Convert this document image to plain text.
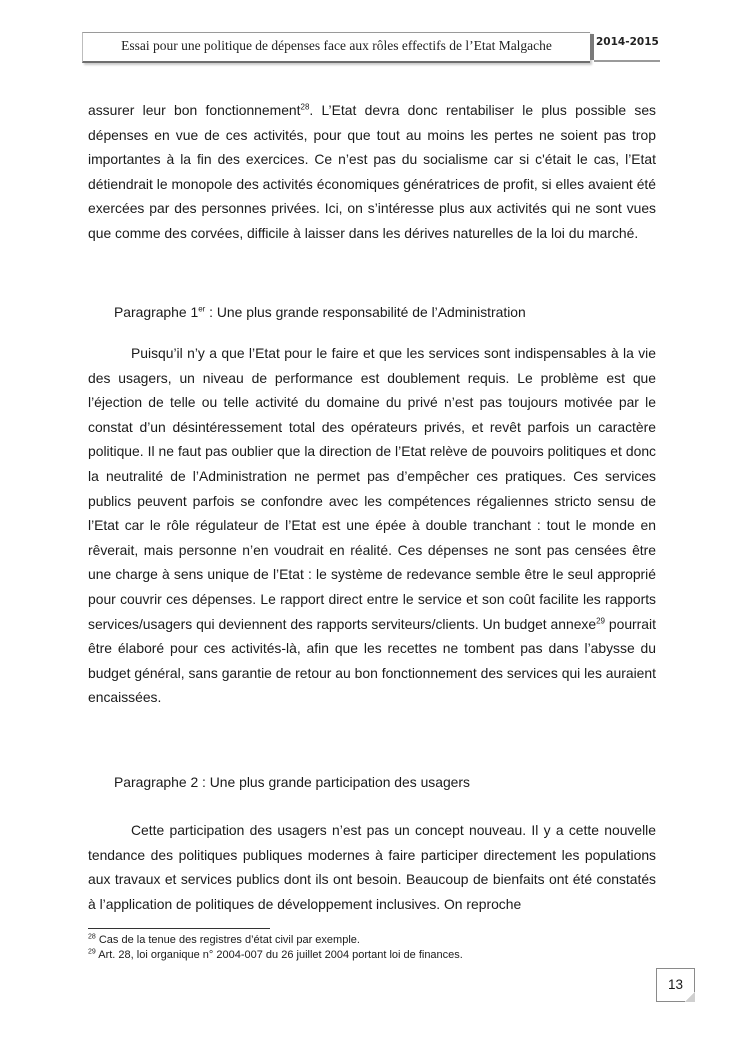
Essai pour une politique de dépenses face aux rôles effectifs de l’Etat Malgache	2014-2015

assurer leur bon fonctionnement$^{28}$. L’Etat devra donc rentabiliser le plus possible ses dépenses en vue de ces activités, pour que tout au moins les pertes ne soient pas trop importantes à la fin des exercices. Ce n’est pas du socialisme car si c'était le cas, l’Etat détiendrait le monopole des activités économiques génératrices de profit, si elles avaient été exercées par des personnes privées. Ici, on s’intéresse plus aux activités qui ne sont vues que comme des corvées, difficile à laisser dans les dérives naturelles de la loi du marché.

Paragraphe 1er : Une plus grande responsabilité de l’Administration

Puisqu’il n’y a que l’Etat pour le faire et que les services sont indispensables à la vie des usagers, un niveau de performance est doublement requis. Le problème est que l’éjection de telle ou telle activité du domaine du privé n’est pas toujours motivée par le constat d’un désintéressement total des opérateurs privés, et revêt parfois un caractère politique. Il ne faut pas oublier que la direction de l’Etat relève de pouvoirs politiques et donc la neutralité de l’Administration ne permet pas d’empêcher ces pratiques. Ces services publics peuvent parfois se confondre avec les compétences régaliennes stricto sensu de l’Etat car le rôle régulateur de l’Etat est une épée à double tranchant : tout le monde en rêverait, mais personne n’en voudrait en réalité. Ces dépenses ne sont pas censées être une charge à sens unique de l’Etat : le système de redevance semble être le seul approprié pour couvrir ces dépenses. Le rapport direct entre le service et son coût facilite les rapports services/usagers qui deviennent des rapports serviteurs/clients. Un budget annexe$^{29}$ pourrait être élaboré pour ces activités-là, afin que les recettes ne tombent pas dans l’abysse du budget général, sans garantie de retour au bon fonctionnement des services qui les auraient encaissées.

Paragraphe 2 : Une plus grande participation des usagers

Cette participation des usagers n’est pas un concept nouveau. Il y a cette nouvelle tendance des politiques publiques modernes à faire participer directement les populations aux travaux et services publics dont ils ont besoin. Beaucoup de bienfaits ont été constatés à l’application de politiques de développement inclusives. On reproche

$^{28}$ Cas de la tenue des registres d’état civil par exemple.

$^{29}$ Art. 28, loi organique n° 2004-007 du 26 juillet 2004 portant loi de finances.

13
